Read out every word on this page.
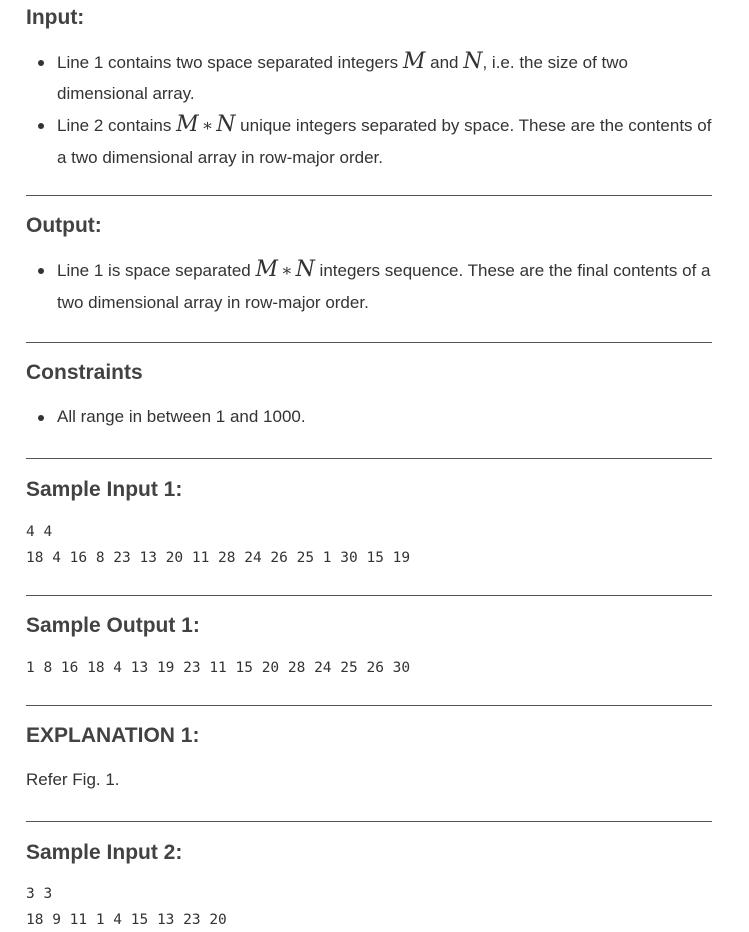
Input:
Line 1 contains two space separated integers M and N, i.e. the size of two dimensional array.
Line 2 contains M ∗ N unique integers separated by space. These are the contents of a two dimensional array in row-major order.
Output:
Line 1 is space separated M ∗ N integers sequence. These are the final contents of a two dimensional array in row-major order.
Constraints
All range in between 1 and 1000.
Sample Input 1:
4 4
18 4 16 8 23 13 20 11 28 24 26 25 1 30 15 19
Sample Output 1:
1 8 16 18 4 13 19 23 11 15 20 28 24 25 26 30
EXPLANATION 1:

Refer Fig. 1.

Sample Input 2:
3 3
18 9 11 1 4 15 13 23 20
